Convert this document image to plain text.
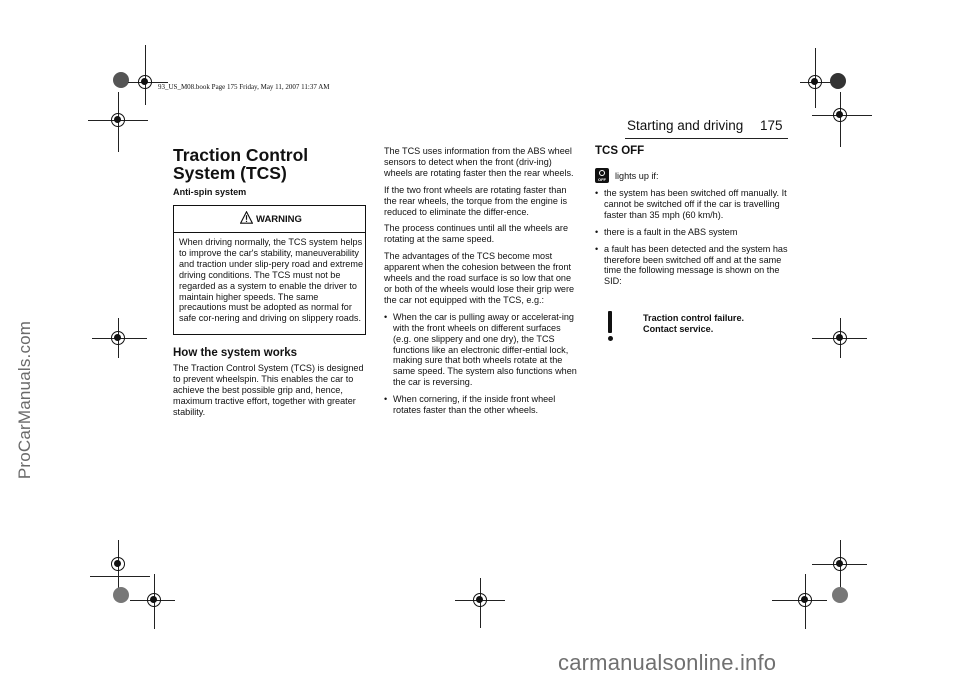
93_US_M08.book Page 175 Friday, May 11, 2007 11:37 AM
ProCarManuals.com
carmanualsonline.info
Starting and driving 175
Traction Control
System (TCS)
Anti-spin system
WARNING
When driving normally, the TCS system helps to improve the car's stability, maneuverability and traction under slip-pery road and extreme driving conditions. The TCS must not be regarded as a system to enable the driver to maintain higher speeds. The same precautions must be adopted as normal for safe cor-nering and driving on slippery roads.
How the system works

The Traction Control System (TCS) is designed to prevent wheelspin. This enables the car to achieve the best possible grip and, hence, maximum tractive effort, together with greater stability.

The TCS uses information from the ABS wheel sensors to detect when the front (driv-ing) wheels are rotating faster then the rear wheels.

If the two front wheels are rotating faster than the rear wheels, the torque from the engine is reduced to eliminate the differ-ence.

The process continues until all the wheels are rotating at the same speed.

The advantages of the TCS become most apparent when the cohesion between the front wheels and the road surface is so low that one or both of the wheels would lose their grip were the car not equipped with the TCS, e.g.:

• When the car is pulling away or accelerat-ing with the front wheels on different surfaces (e.g. one slippery and one dry), the TCS functions like an electronic differ-ential lock, making sure that both wheels rotate at the same speed. The system also functions when the car is reversing.
• When cornering, if the inside front wheel rotates faster than the other wheels.
TCS OFF
OFF lights up if:
• the system has been switched off manually. It cannot be switched off if the car is travelling faster than 35 mph (60 km/h).
• there is a fault in the ABS system
• a fault has been detected and the system has therefore been switched off and at the same time the following message is shown on the SID:
Traction control failure.
Contact service.
